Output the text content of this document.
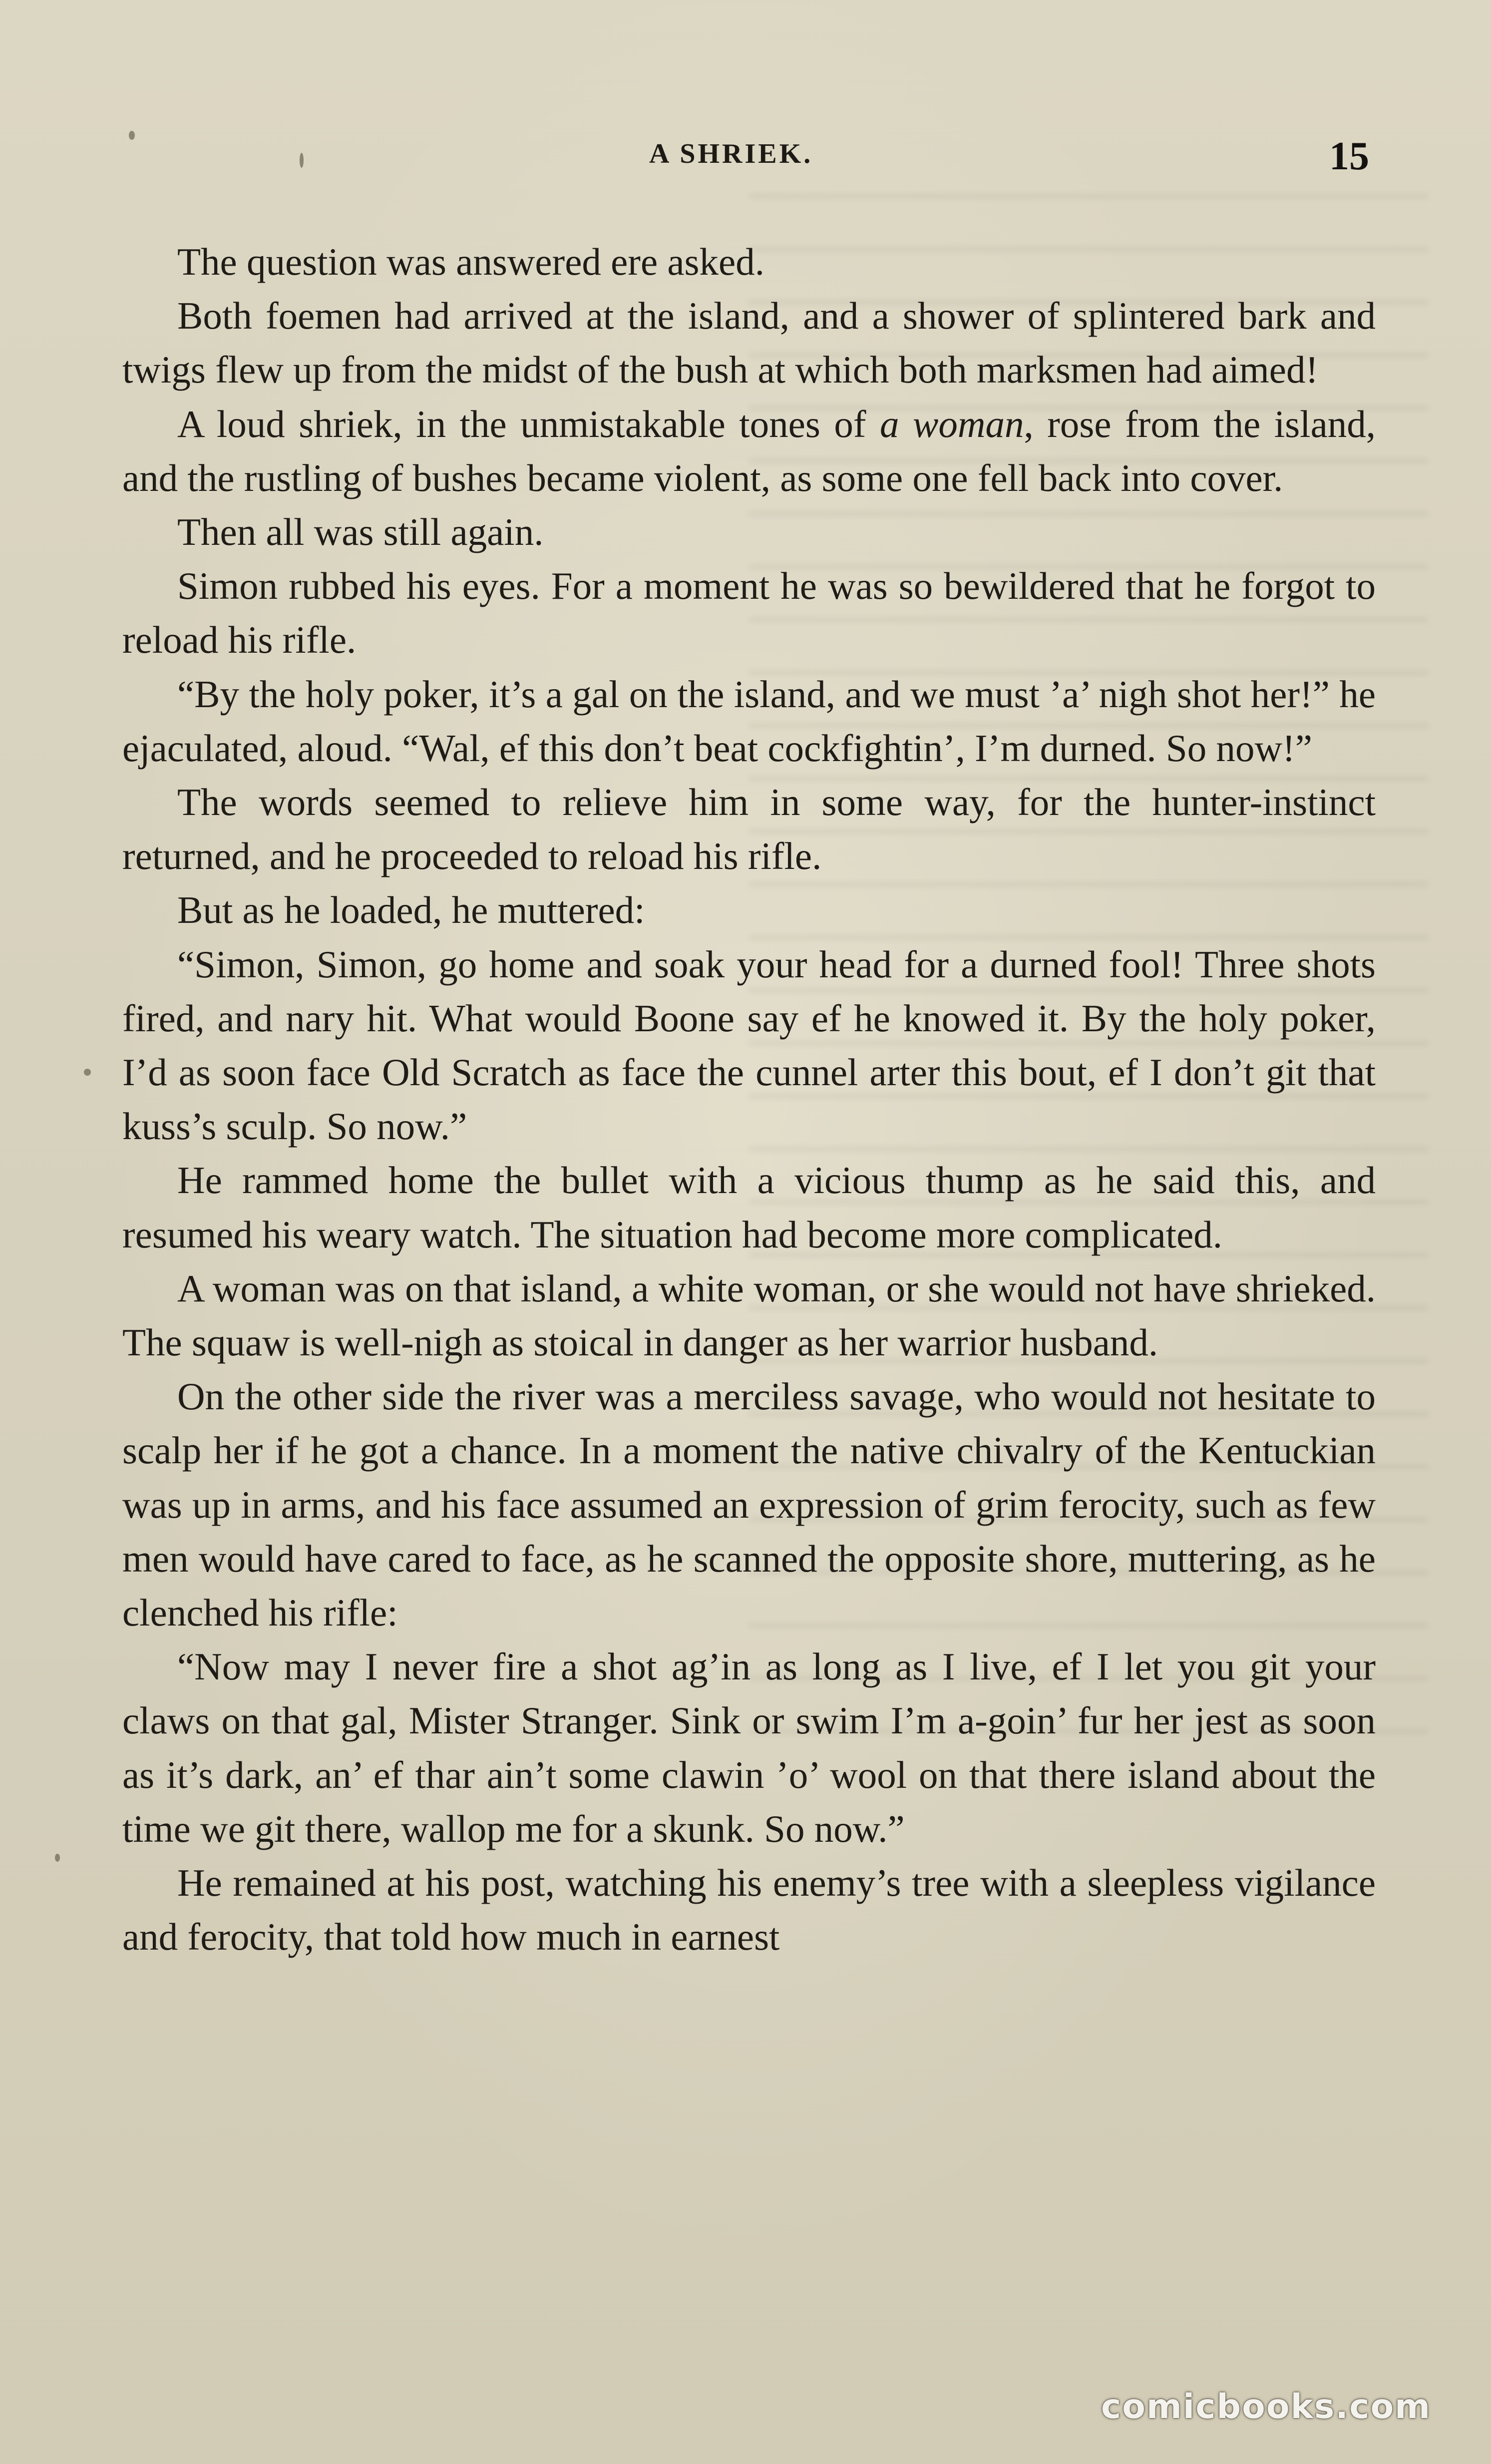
A SHRIEK.	15

The question was answered ere asked.

Both foemen had arrived at the island, and a shower of splintered bark and twigs flew up from the midst of the bush at which both marksmen had aimed!

A loud shriek, in the unmistakable tones of a woman, rose from the island, and the rustling of bushes became violent, as some one fell back into cover.

Then all was still again.

Simon rubbed his eyes. For a moment he was so bewildered that he forgot to reload his rifle.

“By the holy poker, it’s a gal on the island, and we must ’a’ nigh shot her!” he ejaculated, aloud. “Wal, ef this don’t beat cockfightin’, I’m durned. So now!”

The words seemed to relieve him in some way, for the hunter-instinct returned, and he proceeded to reload his rifle.

But as he loaded, he muttered:

“Simon, Simon, go home and soak your head for a durned fool! Three shots fired, and nary hit. What would Boone say ef he knowed it. By the holy poker, I’d as soon face Old Scratch as face the cunnel arter this bout, ef I don’t git that kuss’s sculp. So now.”

He rammed home the bullet with a vicious thump as he said this, and resumed his weary watch. The situation had become more complicated.

A woman was on that island, a white woman, or she would not have shrieked. The squaw is well-nigh as stoical in danger as her warrior husband.

On the other side the river was a merciless savage, who would not hesitate to scalp her if he got a chance. In a moment the native chivalry of the Kentuckian was up in arms, and his face assumed an expression of grim ferocity, such as few men would have cared to face, as he scanned the opposite shore, muttering, as he clenched his rifle:

“Now may I never fire a shot ag’in as long as I live, ef I let you git your claws on that gal, Mister Stranger. Sink or swim I’m a-goin’ fur her jest as soon as it’s dark, an’ ef thar ain’t some clawin ’o’ wool on that there island about the time we git there, wallop me for a skunk. So now.”

He remained at his post, watching his enemy’s tree with a sleepless vigilance and ferocity, that told how much in earnest

comicbooks.com
